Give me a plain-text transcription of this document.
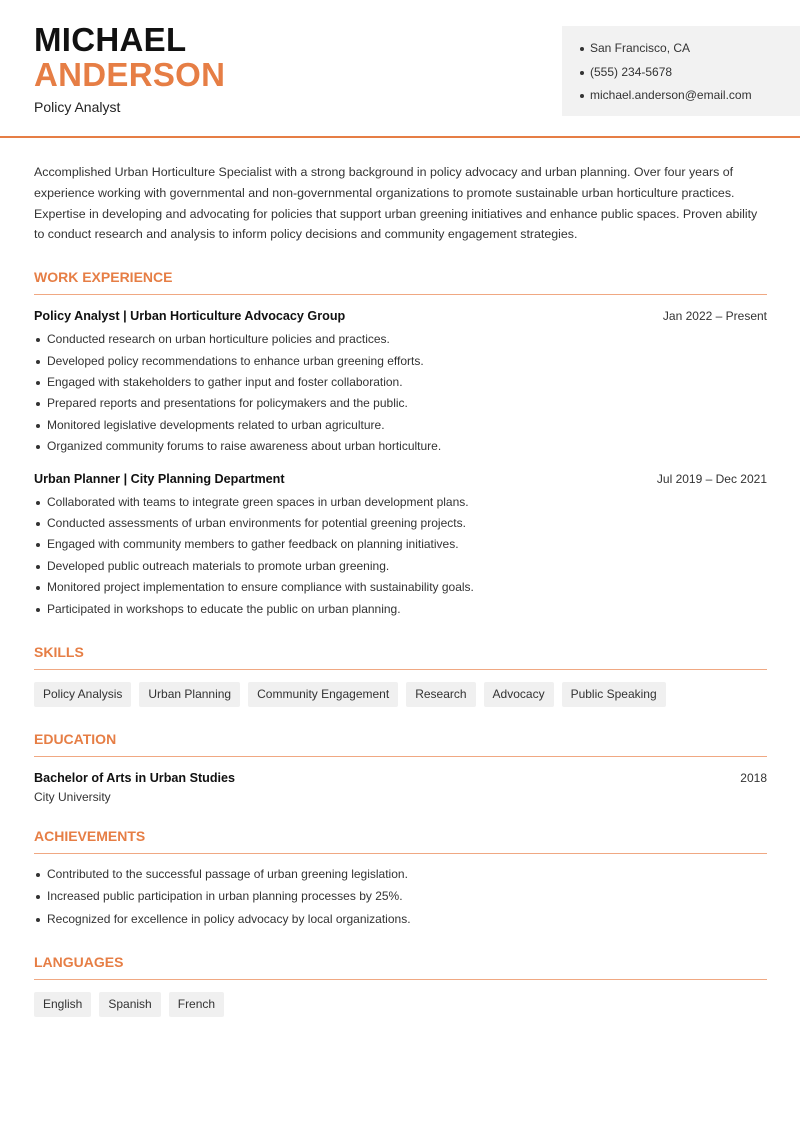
MICHAEL
ANDERSON
Policy Analyst
San Francisco, CA
(555) 234-5678
michael.anderson@email.com

Accomplished Urban Horticulture Specialist with a strong background in policy advocacy and urban planning. Over four years of experience working with governmental and non-governmental organizations to promote sustainable urban horticulture practices. Expertise in developing and advocating for policies that support urban greening initiatives and enhance public spaces. Proven ability to conduct research and analysis to inform policy decisions and community engagement strategies.

WORK EXPERIENCE
Policy Analyst | Urban Horticulture Advocacy Group	Jan 2022 – Present
Conducted research on urban horticulture policies and practices.
Developed policy recommendations to enhance urban greening efforts.
Engaged with stakeholders to gather input and foster collaboration.
Prepared reports and presentations for policymakers and the public.
Monitored legislative developments related to urban agriculture.
Organized community forums to raise awareness about urban horticulture.
Urban Planner | City Planning Department	Jul 2019 – Dec 2021
Collaborated with teams to integrate green spaces in urban development plans.
Conducted assessments of urban environments for potential greening projects.
Engaged with community members to gather feedback on planning initiatives.
Developed public outreach materials to promote urban greening.
Monitored project implementation to ensure compliance with sustainability goals.
Participated in workshops to educate the public on urban planning.
SKILLS
Policy Analysis	Urban Planning	Community Engagement	Research	Advocacy	Public Speaking
EDUCATION
Bachelor of Arts in Urban Studies	2018
City University
ACHIEVEMENTS
Contributed to the successful passage of urban greening legislation.
Increased public participation in urban planning processes by 25%.
Recognized for excellence in policy advocacy by local organizations.
LANGUAGES
English	Spanish	French
